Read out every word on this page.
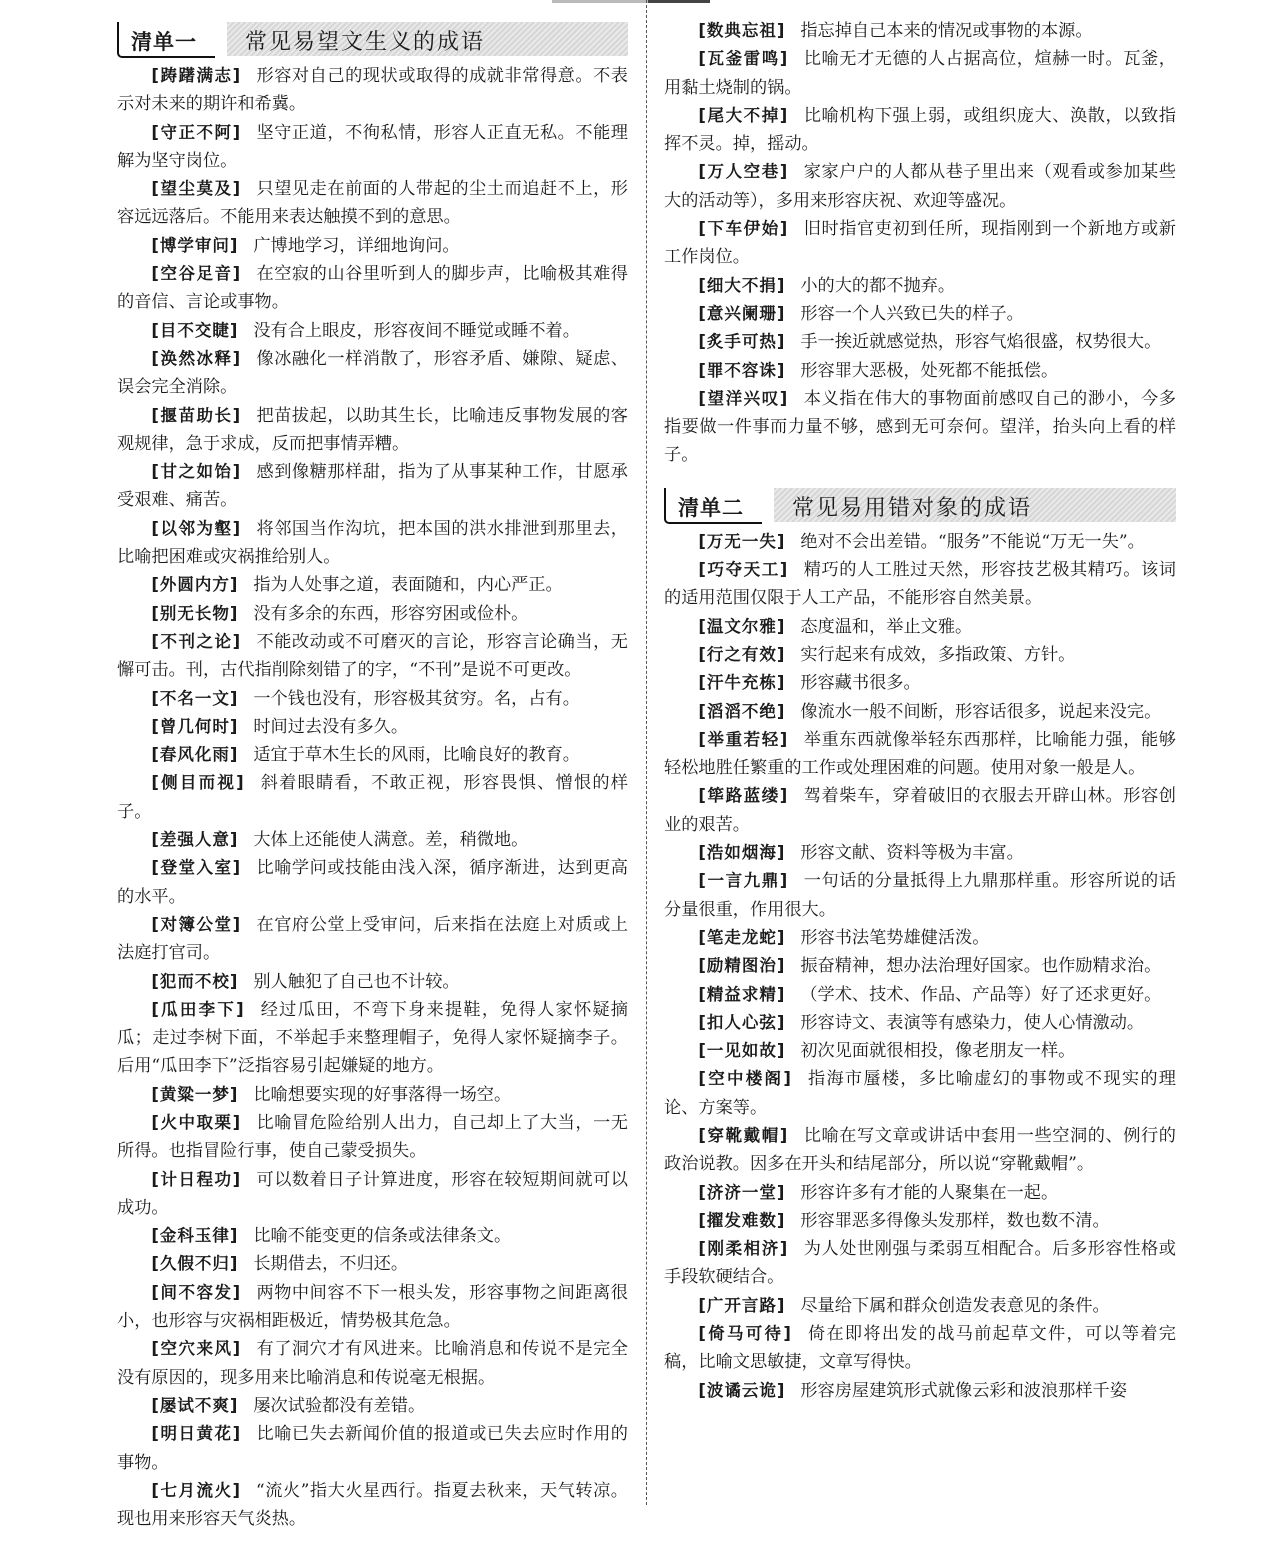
清单一 常见易望文生义的成语

[踌躇满志] 形容对自己的现状或取得的成就非常得意。不表示对未来的期许和希冀。

[守正不阿] 坚守正道，不徇私情，形容人正直无私。不能理解为坚守岗位。

[望尘莫及] 只望见走在前面的人带起的尘土而追赶不上，形容远远落后。不能用来表达触摸不到的意思。

[博学审问] 广博地学习，详细地询问。

[空谷足音] 在空寂的山谷里听到人的脚步声，比喻极其难得的音信、言论或事物。

[目不交睫] 没有合上眼皮，形容夜间不睡觉或睡不着。

[涣然冰释] 像冰融化一样消散了，形容矛盾、嫌隙、疑虑、误会完全消除。

[揠苗助长] 把苗拔起，以助其生长，比喻违反事物发展的客观规律，急于求成，反而把事情弄糟。

[甘之如饴] 感到像糖那样甜，指为了从事某种工作，甘愿承受艰难、痛苦。

[以邻为壑] 将邻国当作沟坑，把本国的洪水排泄到那里去，比喻把困难或灾祸推给别人。

[外圆内方] 指为人处事之道，表面随和，内心严正。

[别无长物] 没有多余的东西，形容穷困或俭朴。

[不刊之论] 不能改动或不可磨灭的言论，形容言论确当，无懈可击。刊，古代指削除刻错了的字，“不刊”是说不可更改。

[不名一文] 一个钱也没有，形容极其贫穷。名，占有。

[曾几何时] 时间过去没有多久。

[春风化雨] 适宜于草木生长的风雨，比喻良好的教育。

[侧目而视] 斜着眼睛看，不敢正视，形容畏惧、憎恨的样子。

[差强人意] 大体上还能使人满意。差，稍微地。

[登堂入室] 比喻学问或技能由浅入深，循序渐进，达到更高的水平。

[对簿公堂] 在官府公堂上受审问，后来指在法庭上对质或上法庭打官司。

[犯而不校] 别人触犯了自己也不计较。

[瓜田李下] 经过瓜田，不弯下身来提鞋，免得人家怀疑摘瓜；走过李树下面，不举起手来整理帽子，免得人家怀疑摘李子。后用“瓜田李下”泛指容易引起嫌疑的地方。

[黄粱一梦] 比喻想要实现的好事落得一场空。

[火中取栗] 比喻冒危险给别人出力，自己却上了大当，一无所得。也指冒险行事，使自己蒙受损失。

[计日程功] 可以数着日子计算进度，形容在较短期间就可以成功。

[金科玉律] 比喻不能变更的信条或法律条文。

[久假不归] 长期借去，不归还。

[间不容发] 两物中间容不下一根头发，形容事物之间距离很小，也形容与灾祸相距极近，情势极其危急。

[空穴来风] 有了洞穴才有风进来。比喻消息和传说不是完全没有原因的，现多用来比喻消息和传说毫无根据。

[屡试不爽] 屡次试验都没有差错。

[明日黄花] 比喻已失去新闻价值的报道或已失去应时作用的事物。

[七月流火] “流火”指大火星西行。指夏去秋来，天气转凉。现也用来形容天气炎热。

[数典忘祖] 指忘掉自己本来的情况或事物的本源。

[瓦釜雷鸣] 比喻无才无德的人占据高位，煊赫一时。瓦釜，用黏土烧制的锅。

[尾大不掉] 比喻机构下强上弱，或组织庞大、涣散，以致指挥不灵。掉，摇动。

[万人空巷] 家家户户的人都从巷子里出来（观看或参加某些大的活动等），多用来形容庆祝、欢迎等盛况。

[下车伊始] 旧时指官吏初到任所，现指刚到一个新地方或新工作岗位。

[细大不捐] 小的大的都不抛弃。

[意兴阑珊] 形容一个人兴致已失的样子。

[炙手可热] 手一挨近就感觉热，形容气焰很盛，权势很大。

[罪不容诛] 形容罪大恶极，处死都不能抵偿。

[望洋兴叹] 本义指在伟大的事物面前感叹自己的渺小，今多指要做一件事而力量不够，感到无可奈何。望洋，抬头向上看的样子。

清单二 常见易用错对象的成语

[万无一失] 绝对不会出差错。“服务”不能说“万无一失”。

[巧夺天工] 精巧的人工胜过天然，形容技艺极其精巧。该词的适用范围仅限于人工产品，不能形容自然美景。

[温文尔雅] 态度温和，举止文雅。

[行之有效] 实行起来有成效，多指政策、方针。

[汗牛充栋] 形容藏书很多。

[滔滔不绝] 像流水一般不间断，形容话很多，说起来没完。

[举重若轻] 举重东西就像举轻东西那样，比喻能力强，能够轻松地胜任繁重的工作或处理困难的问题。使用对象一般是人。

[筚路蓝缕] 驾着柴车，穿着破旧的衣服去开辟山林。形容创业的艰苦。

[浩如烟海] 形容文献、资料等极为丰富。

[一言九鼎] 一句话的分量抵得上九鼎那样重。形容所说的话分量很重，作用很大。

[笔走龙蛇] 形容书法笔势雄健活泼。

[励精图治] 振奋精神，想办法治理好国家。也作励精求治。

[精益求精] （学术、技术、作品、产品等）好了还求更好。

[扣人心弦] 形容诗文、表演等有感染力，使人心情激动。

[一见如故] 初次见面就很相投，像老朋友一样。

[空中楼阁] 指海市蜃楼，多比喻虚幻的事物或不现实的理论、方案等。

[穿靴戴帽] 比喻在写文章或讲话中套用一些空洞的、例行的政治说教。因多在开头和结尾部分，所以说“穿靴戴帽”。

[济济一堂] 形容许多有才能的人聚集在一起。

[擢发难数] 形容罪恶多得像头发那样，数也数不清。

[刚柔相济] 为人处世刚强与柔弱互相配合。后多形容性格或手段软硬结合。

[广开言路] 尽量给下属和群众创造发表意见的条件。

[倚马可待] 倚在即将出发的战马前起草文件，可以等着完稿，比喻文思敏捷，文章写得快。

[波谲云诡] 形容房屋建筑形式就像云彩和波浪那样千姿
